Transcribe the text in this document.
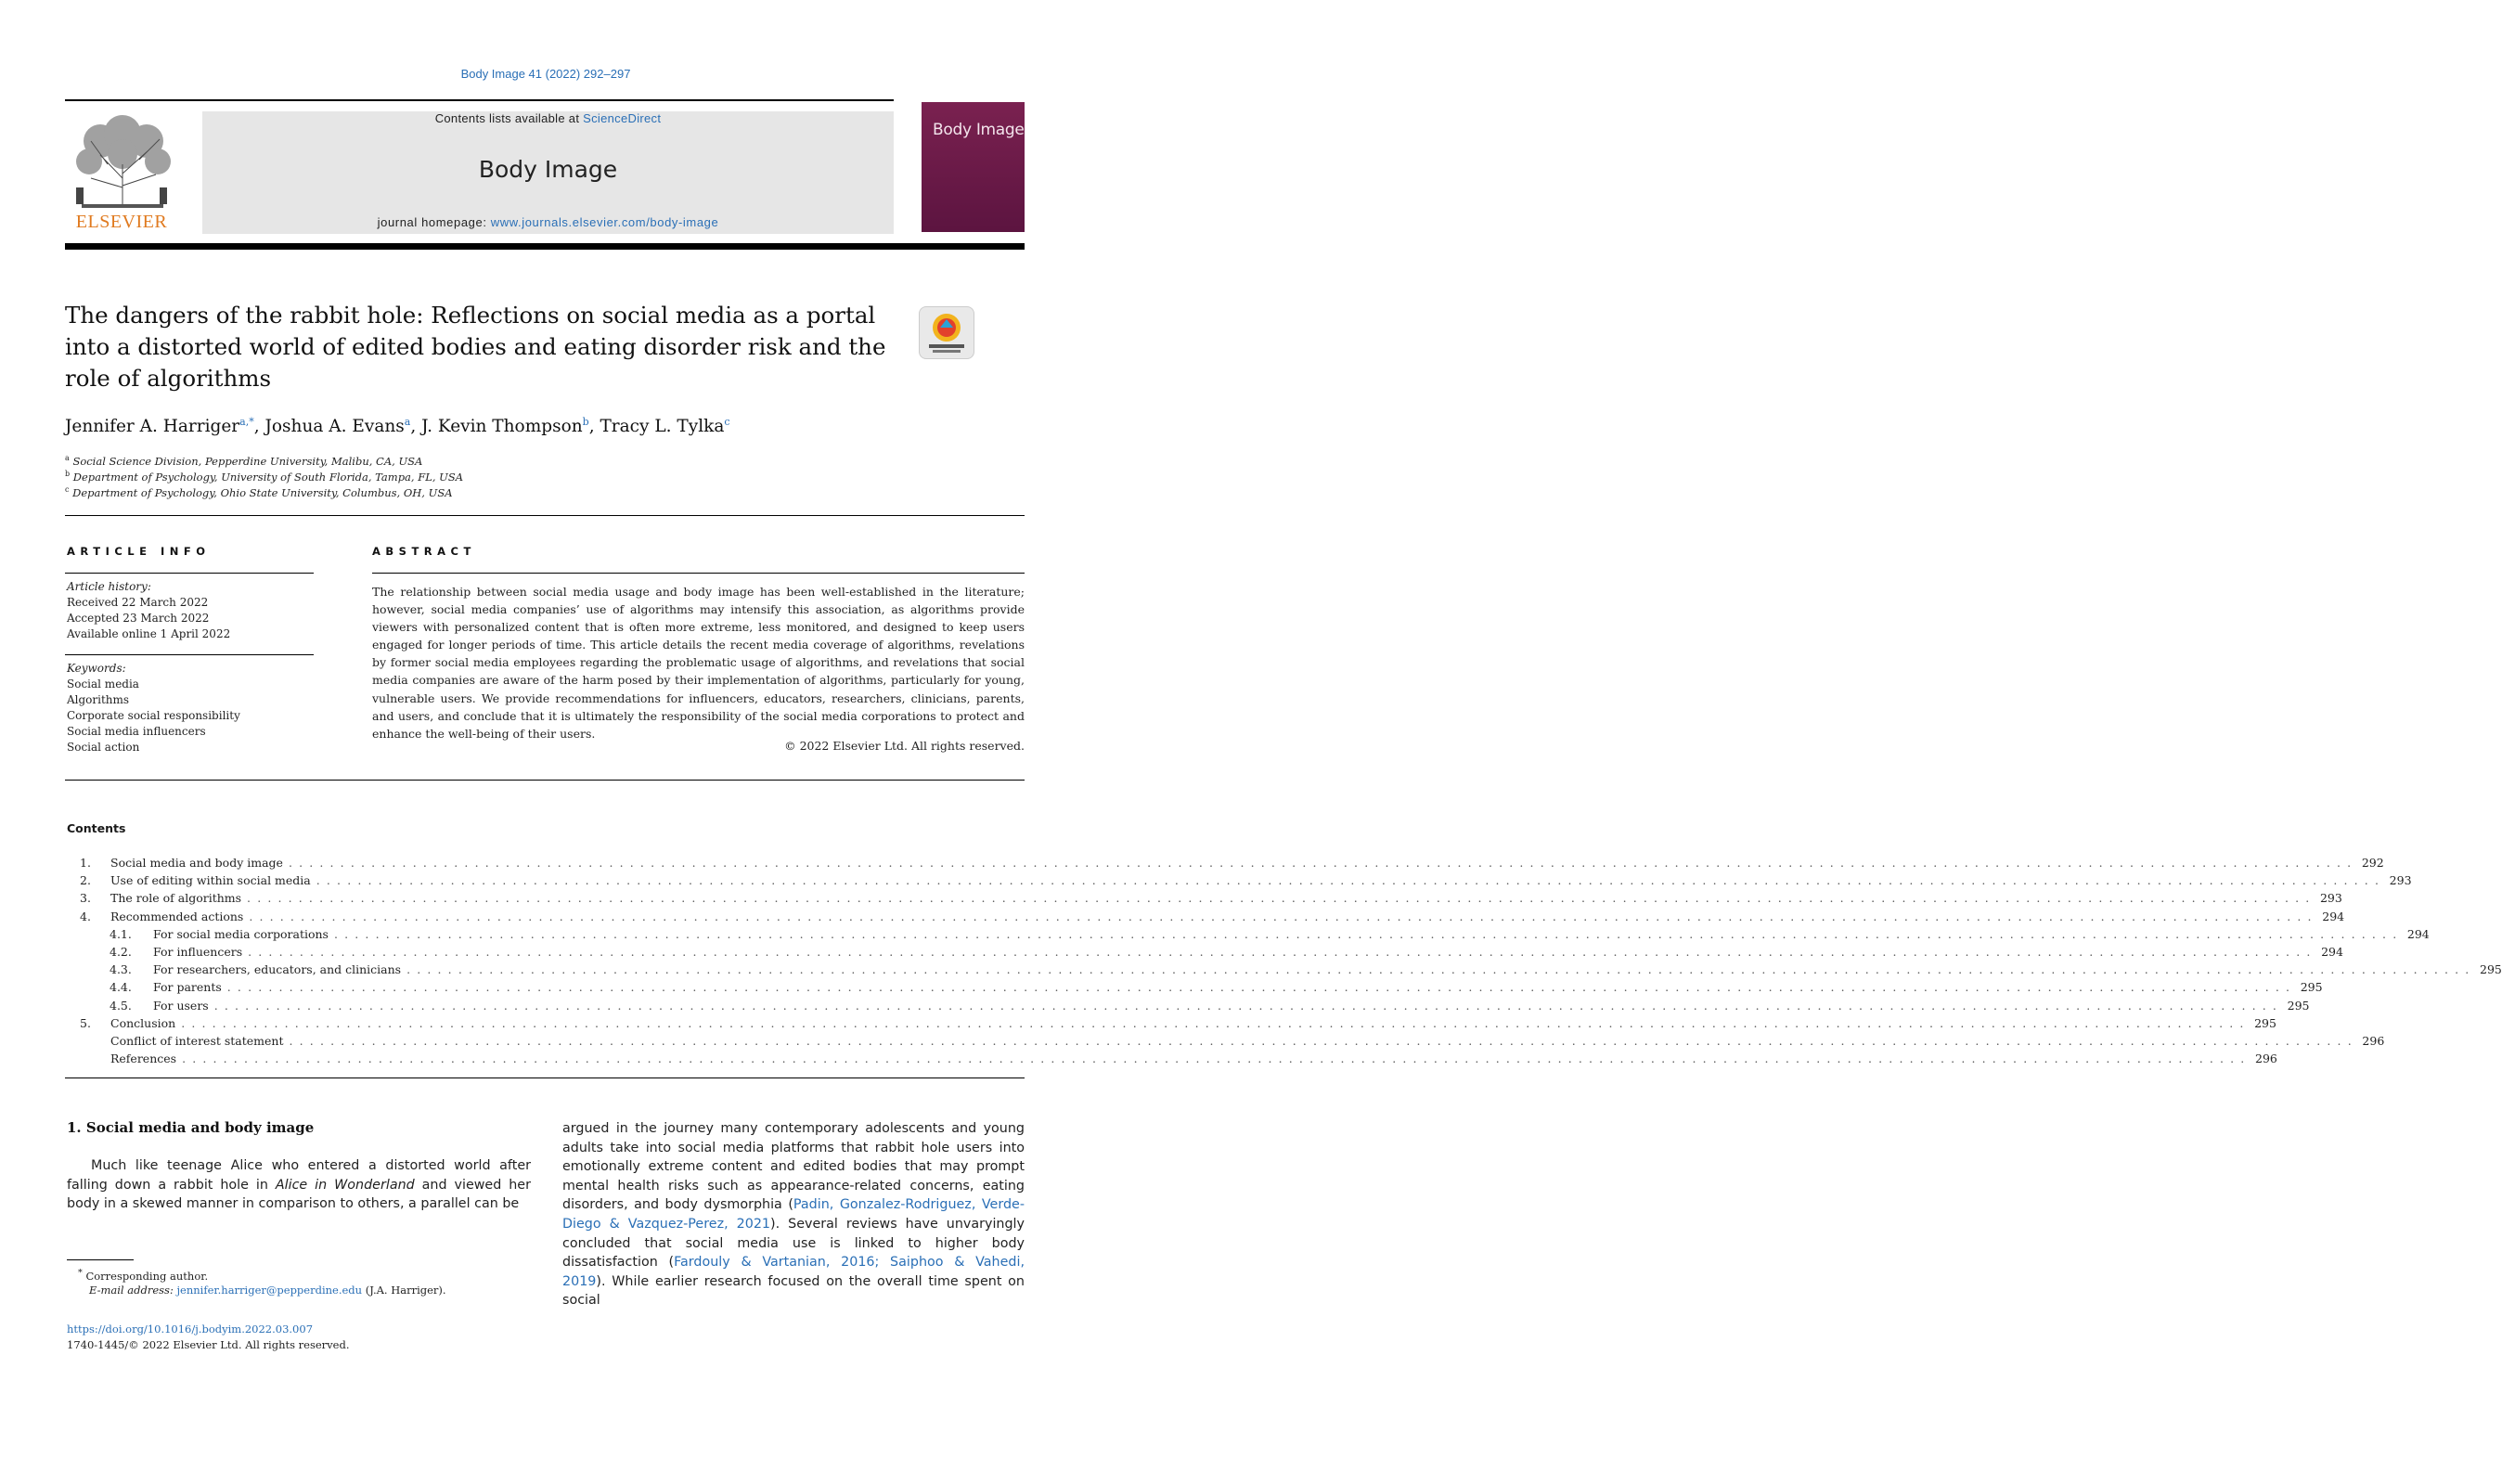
Body Image 41 (2022) 292–297
ELSEVIER
Contents lists available at ScienceDirect
Body Image
journal homepage: www.journals.elsevier.com/body-image
Body Image
The dangers of the rabbit hole: Reflections on social media as a portal into a distorted world of edited bodies and eating disorder risk and the role of algorithms
Jennifer A. Harriger$^{a,*}$, Joshua A. Evans$^a$, J. Kevin Thompson$^b$, Tracy L. Tylka$^c$
$^a$ Social Science Division, Pepperdine University, Malibu, CA, USA
$^b$ Department of Psychology, University of South Florida, Tampa, FL, USA
$^c$ Department of Psychology, Ohio State University, Columbus, OH, USA
ARTICLE INFO
Article history:
Received 22 March 2022
Accepted 23 March 2022
Available online 1 April 2022
Keywords:
Social media
Algorithms
Corporate social responsibility
Social media influencers
Social action
ABSTRACT
The relationship between social media usage and body image has been well-established in the literature; however, social media companies’ use of algorithms may intensify this association, as algorithms provide viewers with personalized content that is often more extreme, less monitored, and designed to keep users engaged for longer periods of time. This article details the recent media coverage of algorithms, revelations by former social media employees regarding the problematic usage of algorithms, and revelations that social media companies are aware of the harm posed by their implementation of algorithms, particularly for young, vulnerable users. We provide recommendations for influencers, educators, researchers, clinicians, parents, and users, and conclude that it is ultimately the responsibility of the social media corporations to protect and enhance the well-being of their users.
© 2022 Elsevier Ltd. All rights reserved.
Contents
1.	Social media and body image . . . . . . . . . . . . . . . . . . . . . . . . . . . . . . . . . . . . . . . . . . . . . . . . . . . . . . . . . . . . . . . . . . . . . . . . . . . . . . . . . . . . . . . . . . . . . . . . . . . . . . . . . . . . . . . . . . . . . . . . . . . . . . . . . . . . . . . . . . . . . . . . . . . . . . . . . . . . . . . . . . . . . . . . . . . . . . . . . . . . . . . . . . . . . . . . . . . . . . . . 292
2.	Use of editing within social media . . . . . . . . . . . . . . . . . . . . . . . . . . . . . . . . . . . . . . . . . . . . . . . . . . . . . . . . . . . . . . . . . . . . . . . . . . . . . . . . . . . . . . . . . . . . . . . . . . . . . . . . . . . . . . . . . . . . . . . . . . . . . . . . . . . . . . . . . . . . . . . . . . . . . . . . . . . . . . . . . . . . . . . . . . . . . . . . . . . . . . . . . . . . . . . . . . . . . . . . 293
3.	The role of algorithms . . . . . . . . . . . . . . . . . . . . . . . . . . . . . . . . . . . . . . . . . . . . . . . . . . . . . . . . . . . . . . . . . . . . . . . . . . . . . . . . . . . . . . . . . . . . . . . . . . . . . . . . . . . . . . . . . . . . . . . . . . . . . . . . . . . . . . . . . . . . . . . . . . . . . . . . . . . . . . . . . . . . . . . . . . . . . . . . . . . . . . . . . . . . . . . . . . . . . . . . 293
4.	Recommended actions . . . . . . . . . . . . . . . . . . . . . . . . . . . . . . . . . . . . . . . . . . . . . . . . . . . . . . . . . . . . . . . . . . . . . . . . . . . . . . . . . . . . . . . . . . . . . . . . . . . . . . . . . . . . . . . . . . . . . . . . . . . . . . . . . . . . . . . . . . . . . . . . . . . . . . . . . . . . . . . . . . . . . . . . . . . . . . . . . . . . . . . . . . . . . . . . . . . . . . . . 294
4.1.	For social media corporations . . . . . . . . . . . . . . . . . . . . . . . . . . . . . . . . . . . . . . . . . . . . . . . . . . . . . . . . . . . . . . . . . . . . . . . . . . . . . . . . . . . . . . . . . . . . . . . . . . . . . . . . . . . . . . . . . . . . . . . . . . . . . . . . . . . . . . . . . . . . . . . . . . . . . . . . . . . . . . . . . . . . . . . . . . . . . . . . . . . . . . . . . . . . . . . . . . . . . . . . 294
4.2.	For influencers . . . . . . . . . . . . . . . . . . . . . . . . . . . . . . . . . . . . . . . . . . . . . . . . . . . . . . . . . . . . . . . . . . . . . . . . . . . . . . . . . . . . . . . . . . . . . . . . . . . . . . . . . . . . . . . . . . . . . . . . . . . . . . . . . . . . . . . . . . . . . . . . . . . . . . . . . . . . . . . . . . . . . . . . . . . . . . . . . . . . . . . . . . . . . . . . . . . . . . . . 294
4.3.	For researchers, educators, and clinicians . . . . . . . . . . . . . . . . . . . . . . . . . . . . . . . . . . . . . . . . . . . . . . . . . . . . . . . . . . . . . . . . . . . . . . . . . . . . . . . . . . . . . . . . . . . . . . . . . . . . . . . . . . . . . . . . . . . . . . . . . . . . . . . . . . . . . . . . . . . . . . . . . . . . . . . . . . . . . . . . . . . . . . . . . . . . . . . . . . . . . . . . . . . . . . . . . . . . . . . . 295
4.4.	For parents . . . . . . . . . . . . . . . . . . . . . . . . . . . . . . . . . . . . . . . . . . . . . . . . . . . . . . . . . . . . . . . . . . . . . . . . . . . . . . . . . . . . . . . . . . . . . . . . . . . . . . . . . . . . . . . . . . . . . . . . . . . . . . . . . . . . . . . . . . . . . . . . . . . . . . . . . . . . . . . . . . . . . . . . . . . . . . . . . . . . . . . . . . . . . . . . . . . . . . . . 295
4.5.	For users . . . . . . . . . . . . . . . . . . . . . . . . . . . . . . . . . . . . . . . . . . . . . . . . . . . . . . . . . . . . . . . . . . . . . . . . . . . . . . . . . . . . . . . . . . . . . . . . . . . . . . . . . . . . . . . . . . . . . . . . . . . . . . . . . . . . . . . . . . . . . . . . . . . . . . . . . . . . . . . . . . . . . . . . . . . . . . . . . . . . . . . . . . . . . . . . . . . . . . . . 295
5.	Conclusion . . . . . . . . . . . . . . . . . . . . . . . . . . . . . . . . . . . . . . . . . . . . . . . . . . . . . . . . . . . . . . . . . . . . . . . . . . . . . . . . . . . . . . . . . . . . . . . . . . . . . . . . . . . . . . . . . . . . . . . . . . . . . . . . . . . . . . . . . . . . . . . . . . . . . . . . . . . . . . . . . . . . . . . . . . . . . . . . . . . . . . . . . . . . . . . . . . . . . . . . 295
Conflict of interest statement . . . . . . . . . . . . . . . . . . . . . . . . . . . . . . . . . . . . . . . . . . . . . . . . . . . . . . . . . . . . . . . . . . . . . . . . . . . . . . . . . . . . . . . . . . . . . . . . . . . . . . . . . . . . . . . . . . . . . . . . . . . . . . . . . . . . . . . . . . . . . . . . . . . . . . . . . . . . . . . . . . . . . . . . . . . . . . . . . . . . . . . . . . . . . . . . . . . . . . . . 296
References . . . . . . . . . . . . . . . . . . . . . . . . . . . . . . . . . . . . . . . . . . . . . . . . . . . . . . . . . . . . . . . . . . . . . . . . . . . . . . . . . . . . . . . . . . . . . . . . . . . . . . . . . . . . . . . . . . . . . . . . . . . . . . . . . . . . . . . . . . . . . . . . . . . . . . . . . . . . . . . . . . . . . . . . . . . . . . . . . . . . . . . . . . . . . . . . . . . . . . . . 296
1. Social media and body image
Much like teenage Alice who entered a distorted world after falling down a rabbit hole in Alice in Wonderland and viewed her body in a skewed manner in comparison to others, a parallel can be
argued in the journey many contemporary adolescents and young adults take into social media platforms that rabbit hole users into emotionally extreme content and edited bodies that may prompt mental health risks such as appearance-related concerns, eating disorders, and body dysmorphia (Padin, Gonzalez-Rodriguez, Verde-Diego & Vazquez-Perez, 2021). Several reviews have unvaryingly concluded that social media use is linked to higher body dissatisfaction (Fardouly & Vartanian, 2016; Saiphoo & Vahedi, 2019). While earlier research focused on the overall time spent on social
* Corresponding author.
E-mail address: jennifer.harriger@pepperdine.edu (J.A. Harriger).
https://doi.org/10.1016/j.bodyim.2022.03.007
1740-1445/© 2022 Elsevier Ltd. All rights reserved.
